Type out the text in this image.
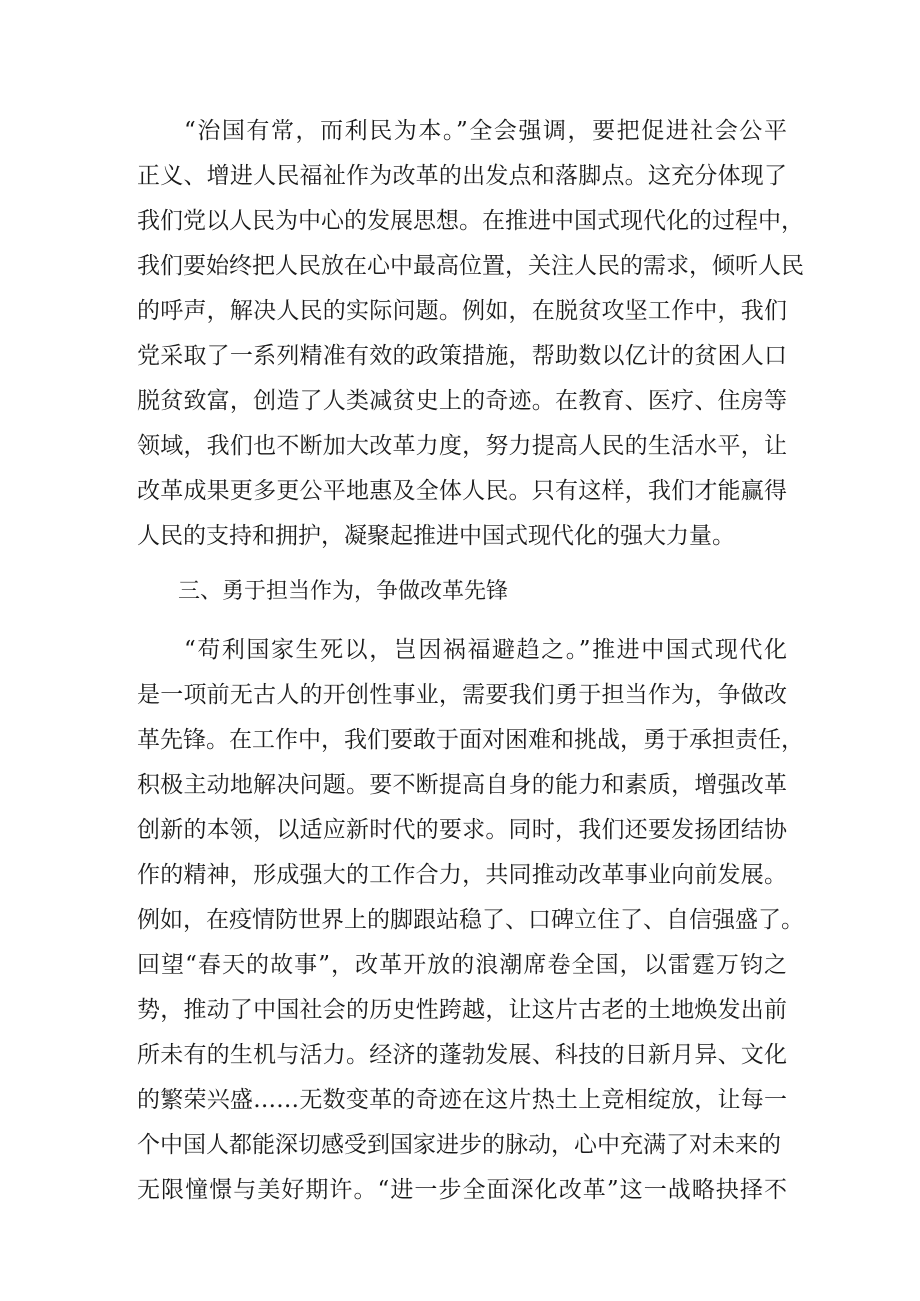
“治国有常，而利民为本。”全会强调，要把促进社会公平
正义、增进人民福祉作为改革的出发点和落脚点。这充分体现了
我们党以人民为中心的发展思想。在推进中国式现代化的过程中，
我们要始终把人民放在心中最高位置，关注人民的需求，倾听人民
的呼声，解决人民的实际问题。例如，在脱贫攻坚工作中，我们
党采取了一系列精准有效的政策措施，帮助数以亿计的贫困人口
脱贫致富，创造了人类减贫史上的奇迹。在教育、医疗、住房等
领域，我们也不断加大改革力度，努力提高人民的生活水平，让
改革成果更多更公平地惠及全体人民。只有这样，我们才能赢得
人民的支持和拥护，凝聚起推进中国式现代化的强大力量。
三、勇于担当作为，争做改革先锋
“苟利国家生死以，岂因祸福避趋之。”推进中国式现代化
是一项前无古人的开创性事业，需要我们勇于担当作为，争做改
革先锋。在工作中，我们要敢于面对困难和挑战，勇于承担责任，
积极主动地解决问题。要不断提高自身的能力和素质，增强改革
创新的本领，以适应新时代的要求。同时，我们还要发扬团结协
作的精神，形成强大的工作合力，共同推动改革事业向前发展。
例如，在疫情防世界上的脚跟站稳了、口碑立住了、自信强盛了。
回望“春天的故事”，改革开放的浪潮席卷全国，以雷霆万钧之
势，推动了中国社会的历史性跨越，让这片古老的土地焕发出前
所未有的生机与活力。经济的蓬勃发展、科技的日新月异、文化
的繁荣兴盛……无数变革的奇迹在这片热土上竞相绽放，让每一
个中国人都能深切感受到国家进步的脉动，心中充满了对未来的
无限憧憬与美好期许。“进一步全面深化改革”这一战略抉择不
